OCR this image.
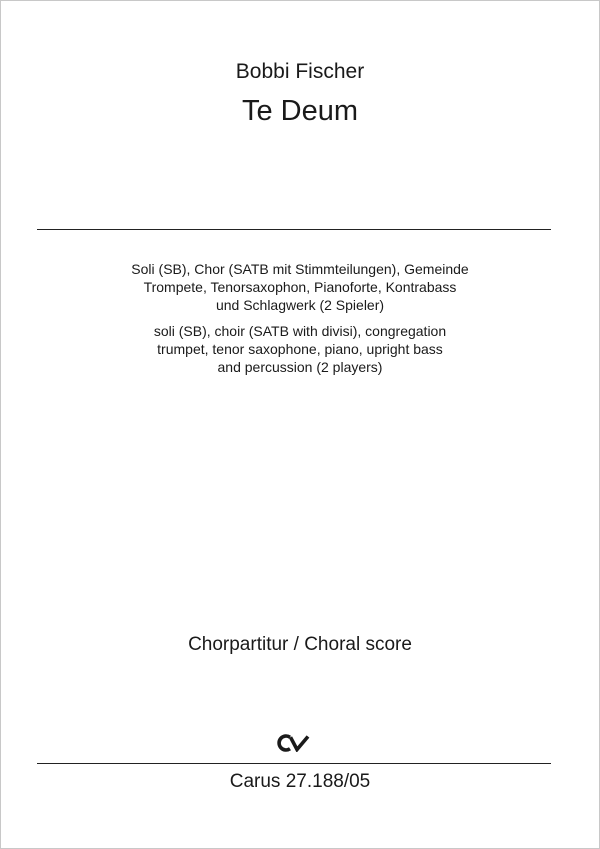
Bobbi Fischer
Te Deum
Soli (SB), Chor (SATB mit Stimmteilungen), Gemeinde
Trompete, Tenorsaxophon, Pianoforte, Kontrabass
und Schlagwerk (2 Spieler)
soli (SB), choir (SATB with divisi), congregation
trumpet, tenor saxophone, piano, upright bass
and percussion (2 players)
Chorpartitur / Choral score
Carus 27.188/05
